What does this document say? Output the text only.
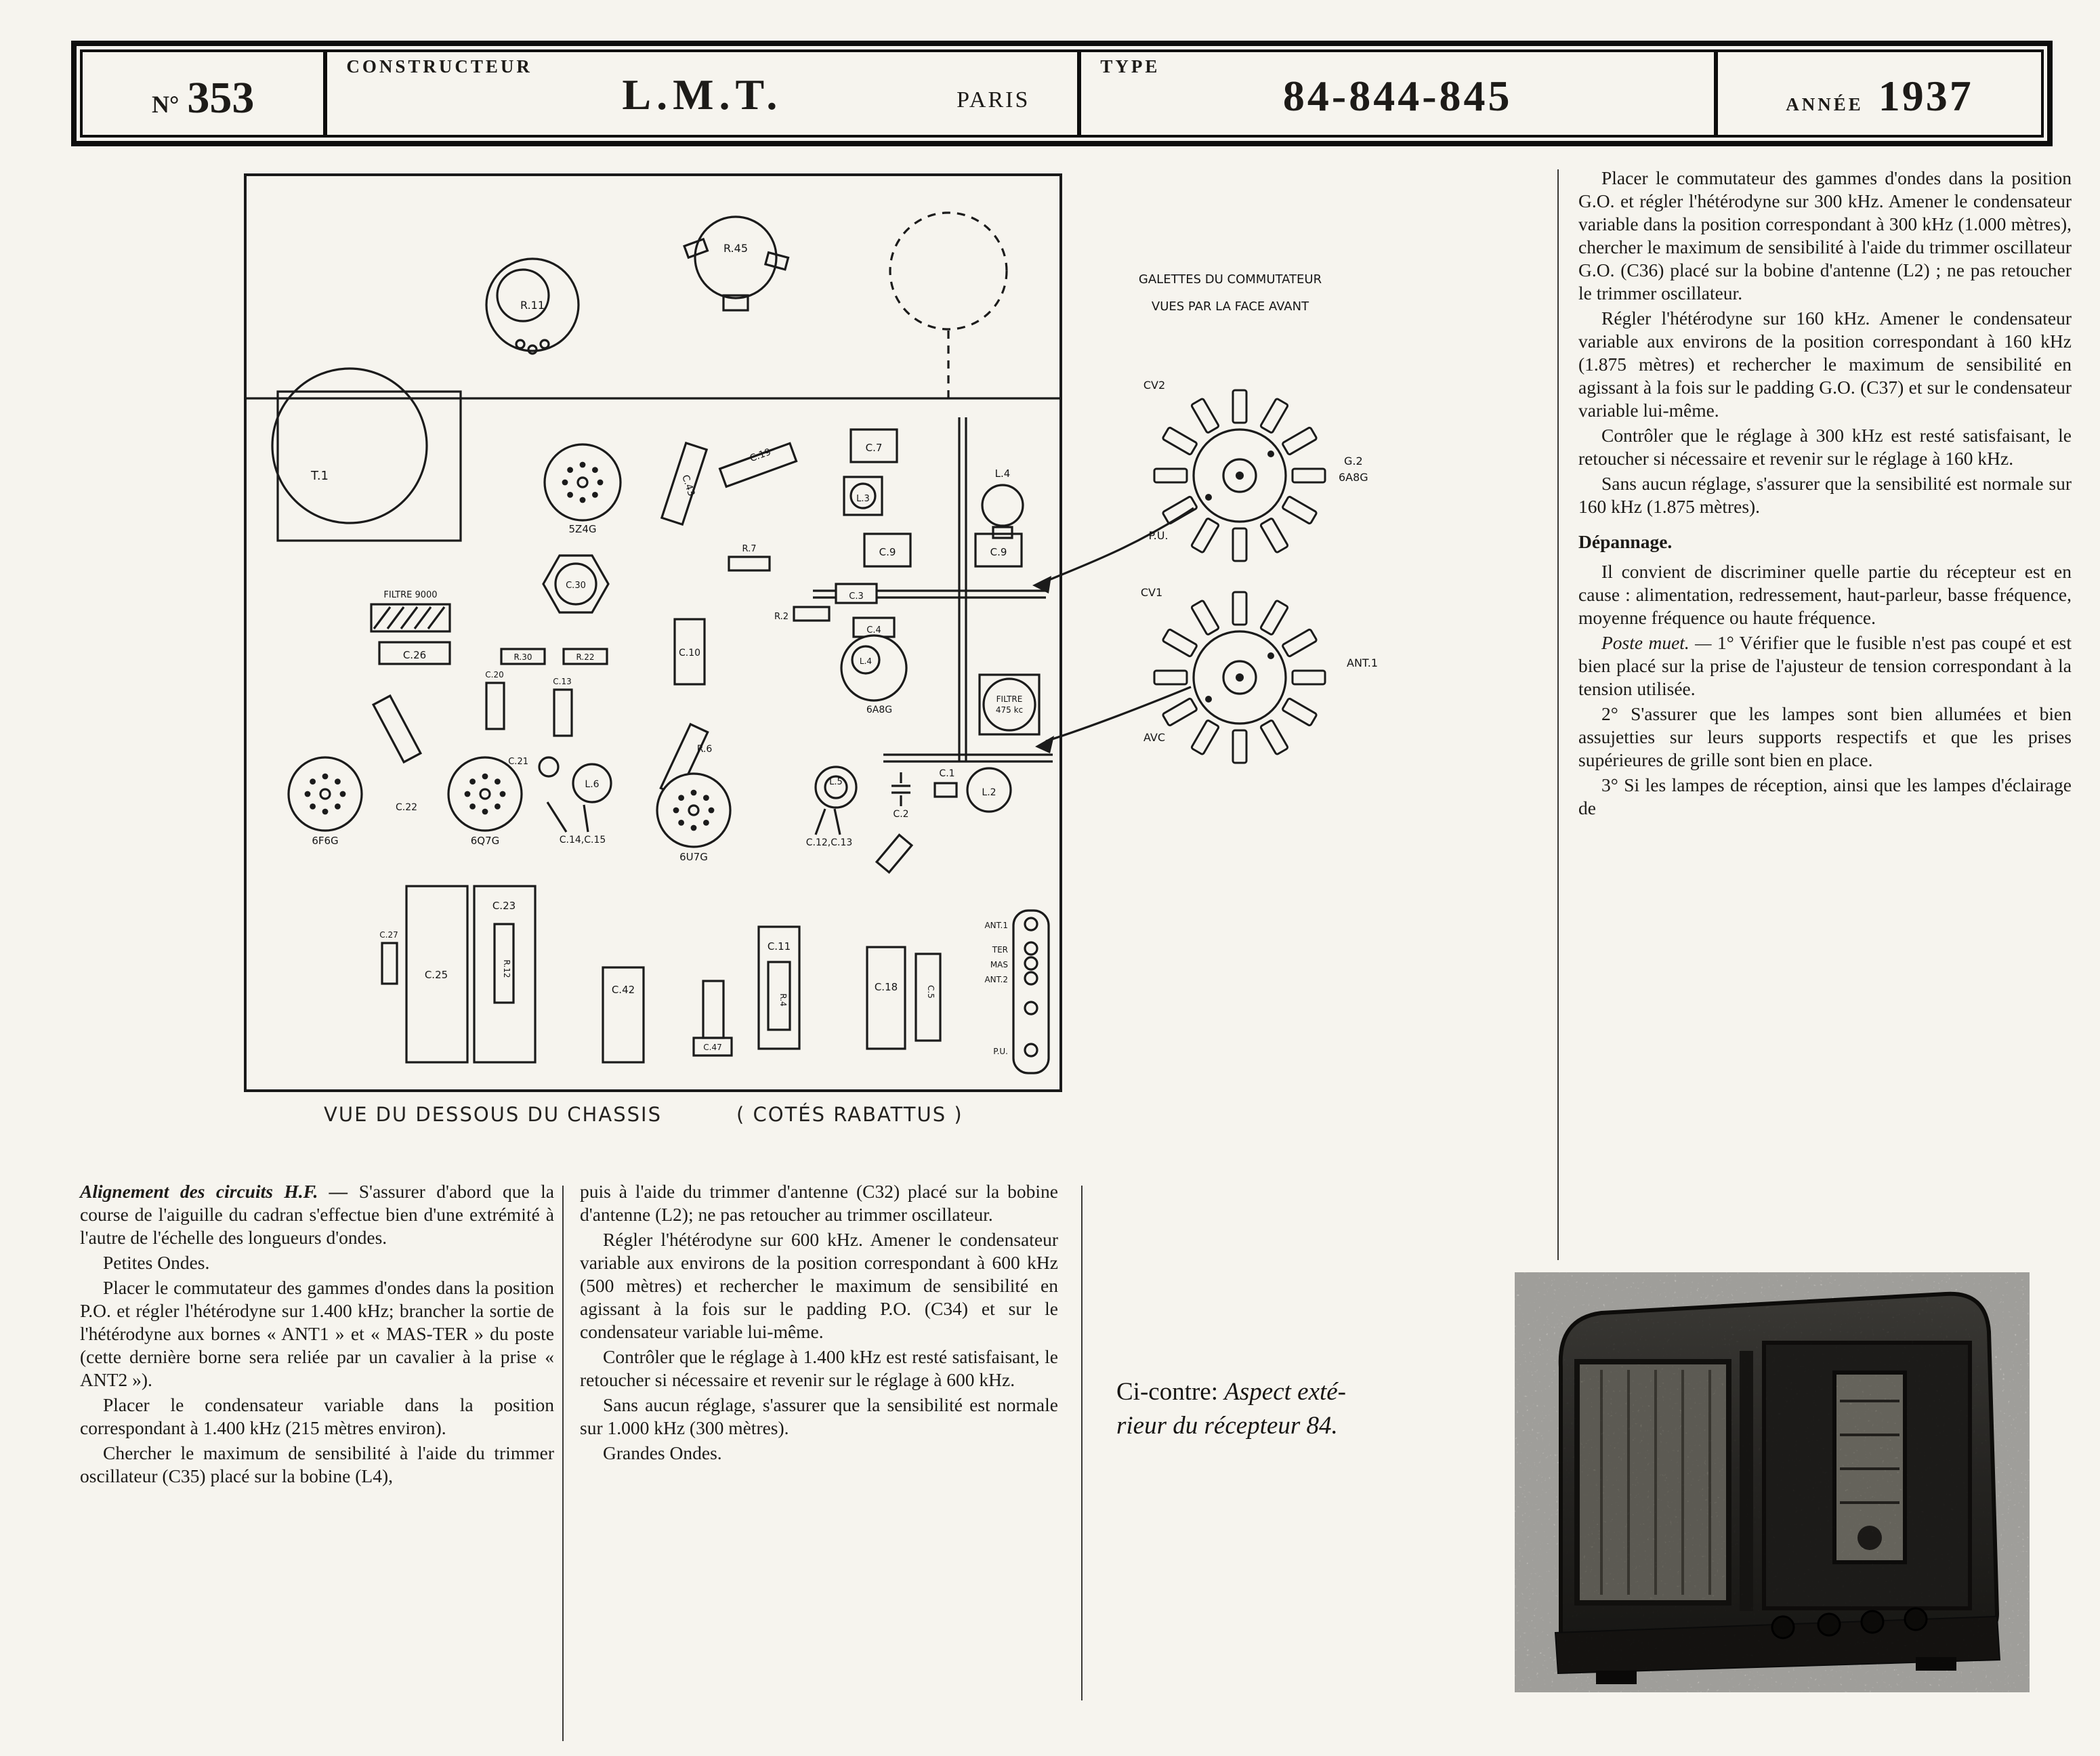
N° 353
CONSTRUCTEUR
L.M.T.	PARIS
TYPE
84-844-845	ANNÉE 1937
R.11
R.45
T.1
5Z4G
C.43
C.19	C.7
L.3
L.4
C.30
C.9	C.9
R.7
FILTRE 9000
C.26	R.30	R.22	C.10
C.3
R.2
C.4
L.4
6A8G
FILTRE
475 kc
C.20
C.13
C.21
L.6
R.6
C.14,C.15
C.22
6F6G	6Q7G
6U7G
L.5
C.12,C.13
C.2
C.1
L.2
C.25
C.23
R.12
C.27
C.42
C.11
R.4
C.47
C.18	C.5
ANT.1
TER
MAS
ANT.2
P.U.
VUE DU DESSOUS DU CHASSIS	( COTÉS RABATTUS )
GALETTES DU COMMUTATEUR
VUES PAR LA FACE AVANT
CV2
G.2
6A8G
P.U.
CV1
ANT.1
AVC

Placer le commutateur des gammes d'ondes dans la position G.O. et régler l'hétérodyne sur 300 kHz. Amener le condensateur variable dans la position correspondant à 300 kHz (1.000 mètres), chercher le maximum de sensibilité à l'aide du trimmer oscillateur G.O. (C36) placé sur la bobine d'antenne (L2) ; ne pas retoucher le trimmer oscillateur.

Régler l'hétérodyne sur 160 kHz. Amener le condensateur variable aux environs de la position correspondant à 160 kHz (1.875 mètres) et rechercher le maximum de sensibilité en agissant à la fois sur le padding G.O. (C37) et sur le condensateur variable lui-même.

Contrôler que le réglage à 300 kHz est resté satisfaisant, le retoucher si nécessaire et revenir sur le réglage à 160 kHz.

Sans aucun réglage, s'assurer que la sensibilité est normale sur 160 kHz (1.875 mètres).

Dépannage.

Il convient de discriminer quelle partie du récepteur est en cause : alimentation, redressement, haut-parleur, basse fréquence, moyenne fréquence ou haute fréquence.

Poste muet. — 1° Vérifier que le fusible n'est pas coupé et est bien placé sur la prise de l'ajusteur de tension correspondant à la tension utilisée.

2° S'assurer que les lampes sont bien allumées et bien assujetties sur leurs supports respectifs et que les prises supérieures de grille sont bien en place.

3° Si les lampes de réception, ainsi que les lampes d'éclairage de

Alignement des circuits H.F. — S'assurer d'abord que la course de l'aiguille du cadran s'effectue bien d'une extrémité à l'autre de l'échelle des longueurs d'ondes.

Petites Ondes.

Placer le commutateur des gammes d'ondes dans la position P.O. et régler l'hétérodyne sur 1.400 kHz; brancher la sortie de l'hétérodyne aux bornes « ANT1 » et « MAS-TER » du poste (cette dernière borne sera reliée par un cavalier à la prise « ANT2 »).

Placer le condensateur variable dans la position correspondant à 1.400 kHz (215 mètres environ).

Chercher le maximum de sensibilité à l'aide du trimmer oscillateur (C35) placé sur la bobine (L4),

puis à l'aide du trimmer d'antenne (C32) placé sur la bobine d'antenne (L2); ne pas retoucher au trimmer oscillateur.

Régler l'hétérodyne sur 600 kHz. Amener le condensateur variable aux environs de la position correspondant à 600 kHz (500 mètres) et rechercher le maximum de sensibilité en agissant à la fois sur le padding P.O. (C34) et sur le condensateur variable lui-même.

Contrôler que le réglage à 1.400 kHz est resté satisfaisant, le retoucher si nécessaire et revenir sur le réglage à 600 kHz.

Sans aucun réglage, s'assurer que la sensibilité est normale sur 1.000 kHz (300 mètres).

Grandes Ondes.

Ci-contre: Aspect exté-
rieur du récepteur 84.
